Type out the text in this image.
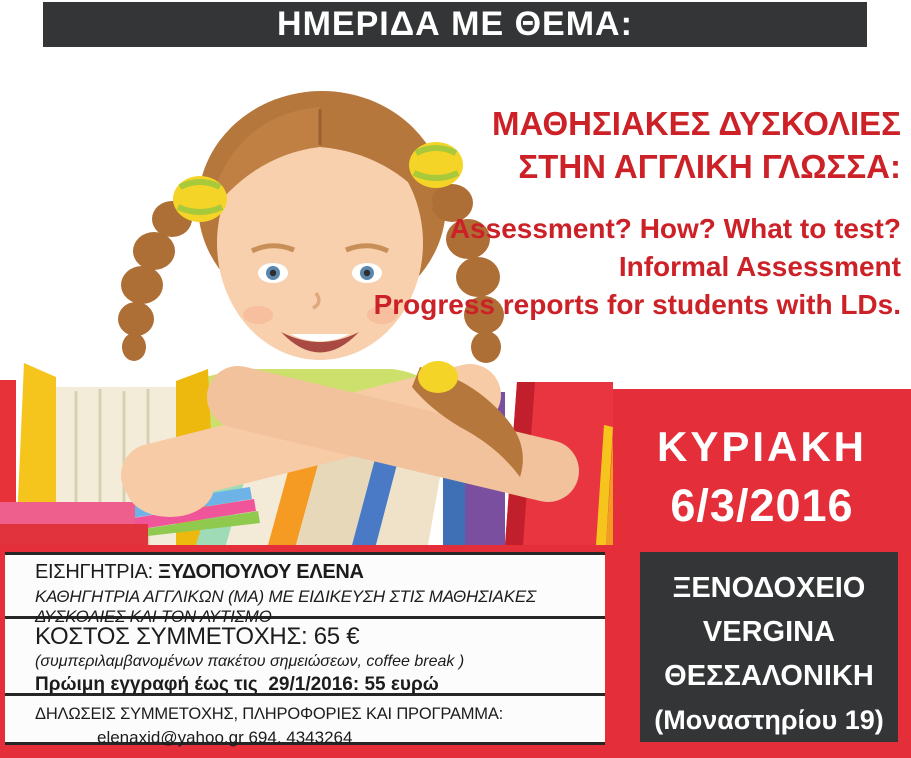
ΗΜΕΡΙΔΑ ΜΕ ΘΕΜΑ:
ΜΑΘΗΣΙΑΚΕΣ ΔΥΣΚΟΛΙΕΣ
ΣΤΗΝ ΑΓΓΛΙΚΗ ΓΛΩΣΣΑ:
Assessment? How? What to test?
Informal Assessment
Progress reports for students with LDs.
ΚΥΡΙΑΚΗ
6/3/2016
ΞΕΝΟΔΟΧΕΙΟ
VERGINA
ΘΕΣΣΑΛΟΝΙΚΗ
(Μοναστηρίου 19)
ΕΙΣΗΓΗΤΡΙΑ: ΞΥΔΟΠΟΥΛΟΥ ΕΛΕΝΑ
ΚΑΘΗΓΗΤΡΙΑ ΑΓΓΛΙΚΩΝ (ΜΑ) ΜΕ ΕΙΔΙΚΕΥΣΗ ΣΤΙΣ ΜΑΘΗΣΙΑΚΕΣ ΔΥΣΚΟΛΙΕΣ ΚΑΙ ΤΟΝ ΑΥΤΙΣΜΟ
ΚΟΣΤΟΣ ΣΥΜΜΕΤΟΧΗΣ: 65 €
(συμπεριλαμβανομένων πακέτου σημειώσεων, coffee break )
Πρώιμη εγγραφή έως τις  29/1/2016: 55 ευρώ
ΔΗΛΩΣΕΙΣ ΣΥΜΜΕΤΟΧΗΣ, ΠΛΗΡΟΦΟΡΙΕΣ ΚΑΙ ΠΡΟΓΡΑΜΜΑ:
elenaxid@yahoo.gr 694. 4343264
